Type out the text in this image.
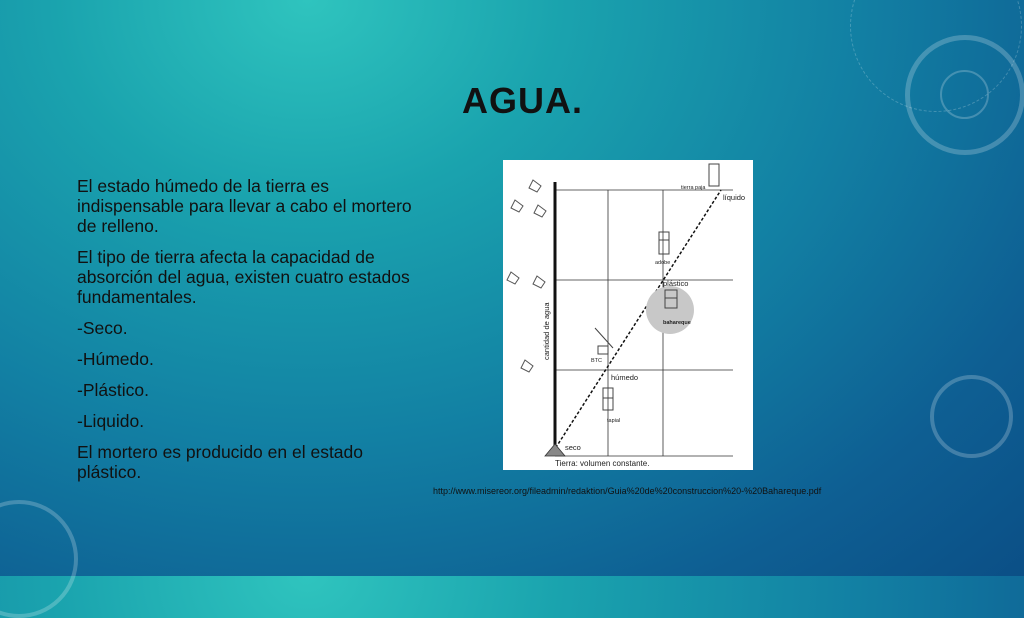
AGUA.

El estado húmedo de la tierra es indispensable para llevar a cabo el mortero de relleno.

El tipo de tierra afecta la capacidad de absorción del agua, existen cuatro estados fundamentales.

-Seco.

-Húmedo.

-Plástico.

-Liquido.

El mortero es producido en el estado plástico.

cantidad de agua
Tierra: volumen constante.
seco
húmedo
plástico
líquido
tierra paja
adobe
BTC
tapial
bahareque
http://www.misereor.org/fileadmin/redaktion/Guia%20de%20construccion%20-%20Bahareque.pdf
